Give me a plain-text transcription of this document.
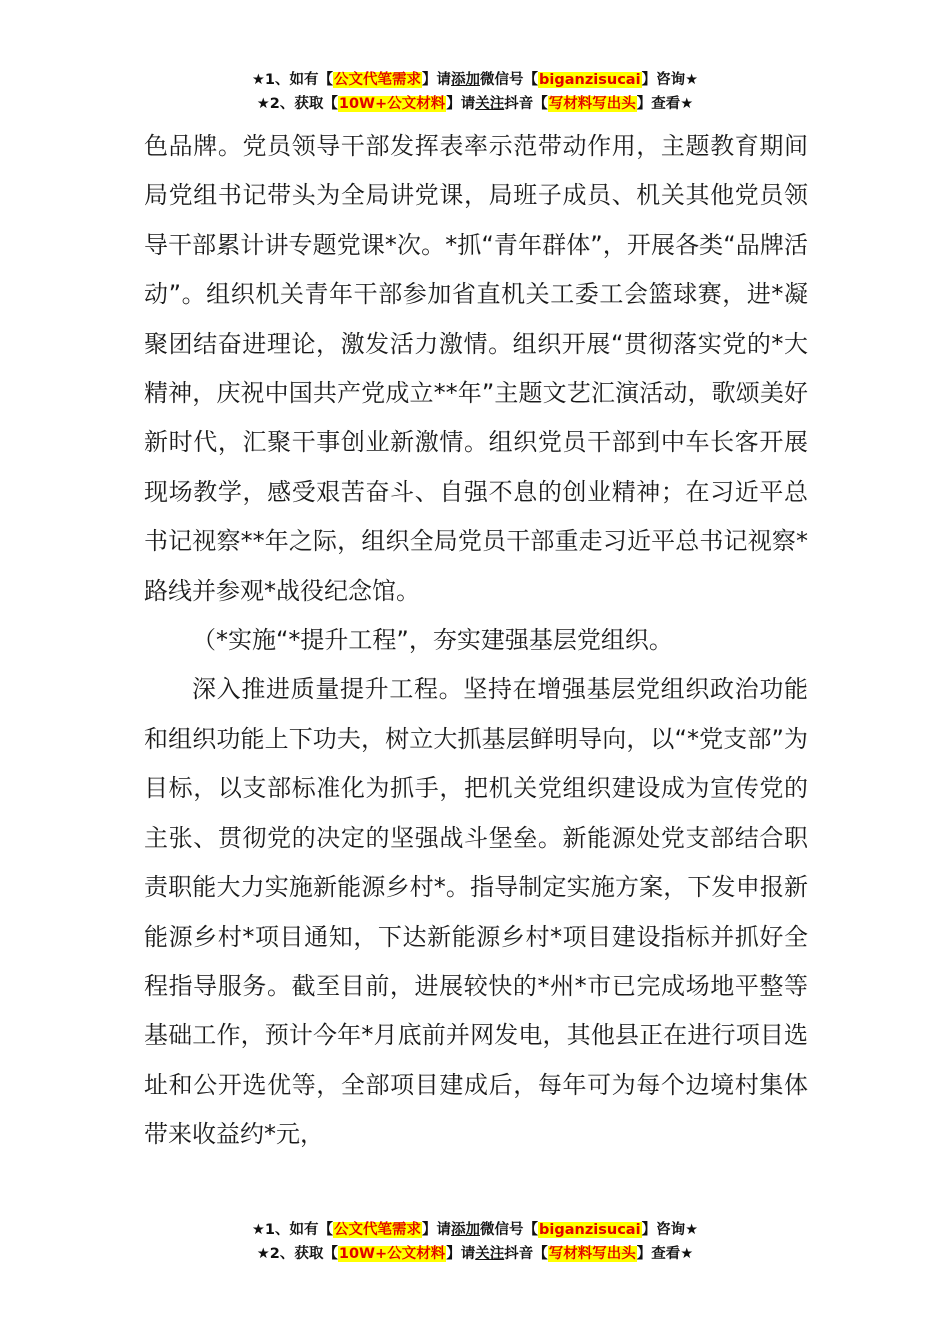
★1、如有【公文代笔需求】请添加微信号【biganzisucai】咨询★
★2、获取【10W+公文材料】请关注抖音【写材料写出头】查看★

色品牌。党员领导干部发挥表率示范带动作用，主题教育期间局党组书记带头为全局讲党课，局班子成员、机关其他党员领导干部累计讲专题党课*次。*抓“青年群体”，开展各类“品牌活动”。组织机关青年干部参加省直机关工委工会篮球赛，进*凝聚团结奋进理论，激发活力激情。组织开展“贯彻落实党的*大精神，庆祝中国共产党成立**年”主题文艺汇演活动，歌颂美好新时代，汇聚干事创业新激情。组织党员干部到中车长客开展现场教学，感受艰苦奋斗、自强不息的创业精神；在习近平总书记视察**年之际，组织全局党员干部重走习近平总书记视察*路线并参观*战役纪念馆。

（*实施“*提升工程”，夯实建强基层党组织。

深入推进质量提升工程。坚持在增强基层党组织政治功能和组织功能上下功夫，树立大抓基层鲜明导向，以“*党支部”为目标，以支部标准化为抓手，把机关党组织建设成为宣传党的主张、贯彻党的决定的坚强战斗堡垒。新能源处党支部结合职责职能大力实施新能源乡村*。指导制定实施方案，下发申报新能源乡村*项目通知，下达新能源乡村*项目建设指标并抓好全程指导服务。截至目前，进展较快的*州*市已完成场地平整等基础工作，预计今年*月底前并网发电，其他县正在进行项目选址和公开选优等，全部项目建成后，每年可为每个边境村集体带来收益约*元，

★1、如有【公文代笔需求】请添加微信号【biganzisucai】咨询★
★2、获取【10W+公文材料】请关注抖音【写材料写出头】查看★
